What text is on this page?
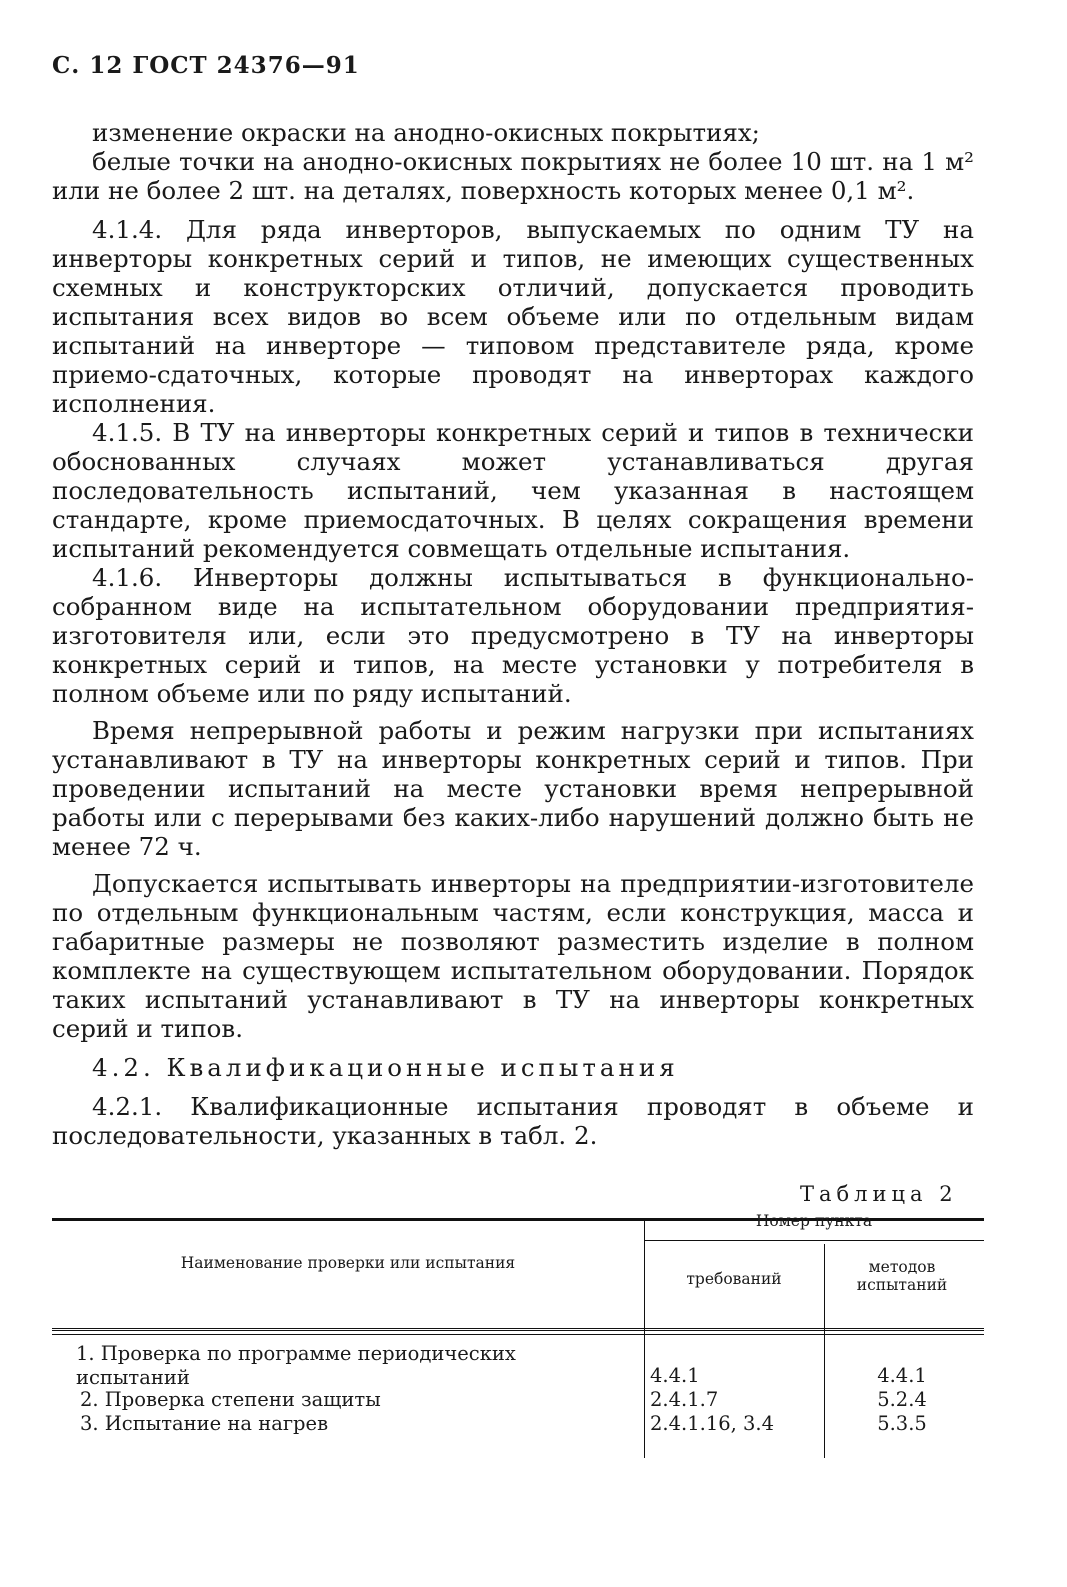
С. 12 ГОСТ 24376—91

изменение окраски на анодно-окисных покрытиях;

белые точки на анодно-окисных покрытиях не более 10 шт. на 1 м² или не более 2 шт. на деталях, поверхность которых менее 0,1 м².

4.1.4. Для ряда инверторов, выпускаемых по одним ТУ на инверторы конкретных серий и типов, не имеющих существенных схемных и конструкторских отличий, допускается проводить испытания всех видов во всем объеме или по отдельным видам испытаний на инверторе — типовом представителе ряда, кроме приемо-сдаточных, которые проводят на инверторах каждого исполнения.

4.1.5. В ТУ на инверторы конкретных серий и типов в технически обоснованных случаях может устанавливаться другая последовательность испытаний, чем указанная в настоящем стандарте, кроме приемосдаточных. В целях сокращения времени испытаний рекомендуется совмещать отдельные испытания.

4.1.6. Инверторы должны испытываться в функционально-собранном виде на испытательном оборудовании предприятия-изготовителя или, если это предусмотрено в ТУ на инверторы конкретных серий и типов, на месте установки у потребителя в полном объеме или по ряду испытаний.

Время непрерывной работы и режим нагрузки при испытаниях устанавливают в ТУ на инверторы конкретных серий и типов. При проведении испытаний на месте установки время непрерывной работы или с перерывами без каких-либо нарушений должно быть не менее 72 ч.

Допускается испытывать инверторы на предприятии-изготовителе по отдельным функциональным частям, если конструкция, масса и габаритные размеры не позволяют разместить изделие в полном комплекте на существующем испытательном оборудовании. Порядок таких испытаний устанавливают в ТУ на инверторы конкретных серий и типов.

4.2. Квалификационные испытания

4.2.1. Квалификационные испытания проводят в объеме и последовательности, указанных в табл. 2.

Таблица 2
Наименование проверки или испытания
Номер пункта
требований
методов испытаний
1. Проверка по программе периодических испытаний	4.4.1	4.4.1
2. Проверка степени защиты	2.4.1.7	5.2.4
3. Испытание на нагрев	2.4.1.16, 3.4	5.3.5
